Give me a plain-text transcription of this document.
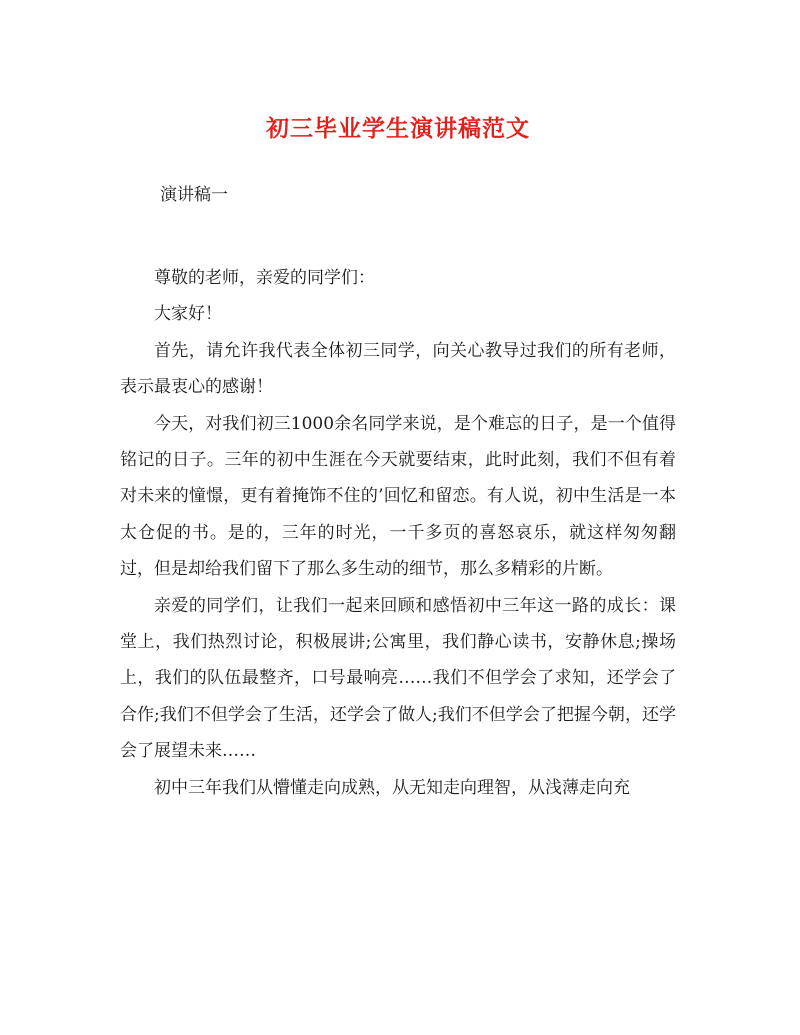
初三毕业学生演讲稿范文
演讲稿一

尊敬的老师，亲爱的同学们：

大家好！

首先，请允许我代表全体初三同学，向关心教导过我们的所有老师，表示最衷心的感谢！

今天，对我们初三1000余名同学来说，是个难忘的日子，是一个值得铭记的日子。三年的初中生涯在今天就要结束，此时此刻，我们不但有着对未来的憧憬，更有着掩饰不住的’回忆和留恋。有人说，初中生活是一本太仓促的书。是的，三年的时光，一千多页的喜怒哀乐，就这样匆匆翻过，但是却给我们留下了那么多生动的细节，那么多精彩的片断。

亲爱的同学们，让我们一起来回顾和感悟初中三年这一路的成长：课堂上，我们热烈讨论，积极展讲;公寓里，我们静心读书，安静休息;操场上，我们的队伍最整齐，口号最响亮……我们不但学会了求知，还学会了合作;我们不但学会了生活，还学会了做人;我们不但学会了把握今朝，还学会了展望未来……

初中三年我们从懵懂走向成熟，从无知走向理智，从浅薄走向充
